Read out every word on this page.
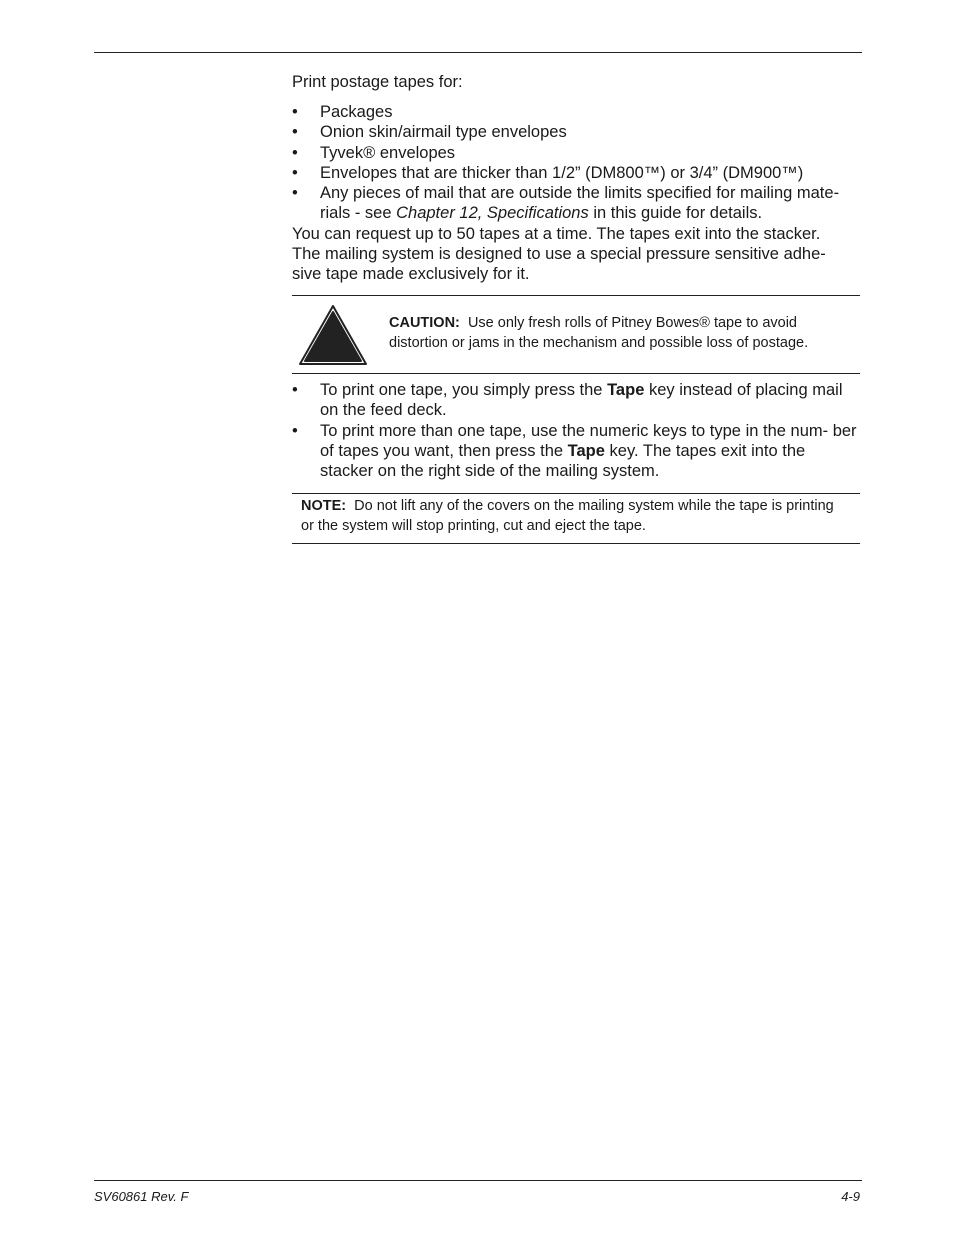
Print postage tapes for:
• Packages
• Onion skin/airmail type envelopes
• Tyvek® envelopes
• Envelopes that are thicker than 1/2” (DM800™) or 3/4” (DM900™)
• Any pieces of mail that are outside the limits specified for mailing mate- rials - see Chapter 12, Specifications in this guide for details.
You can request up to 50 tapes at a time. The tapes exit into the stacker.
The mailing system is designed to use a special pressure sensitive adhe- sive tape made exclusively for it.
CAUTION: Use only fresh rolls of Pitney Bowes® tape to avoid distortion or jams in the mechanism and possible loss of postage.
• To print one tape, you simply press the Tape key instead of placing mail on the feed deck.
• To print more than one tape, use the numeric keys to type in the num- ber of tapes you want, then press the Tape key. The tapes exit into the stacker on the right side of the mailing system.
NOTE: Do not lift any of the covers on the mailing system while the tape is printing or the system will stop printing, cut and eject the tape.
SV60861 Rev. F	4-9
